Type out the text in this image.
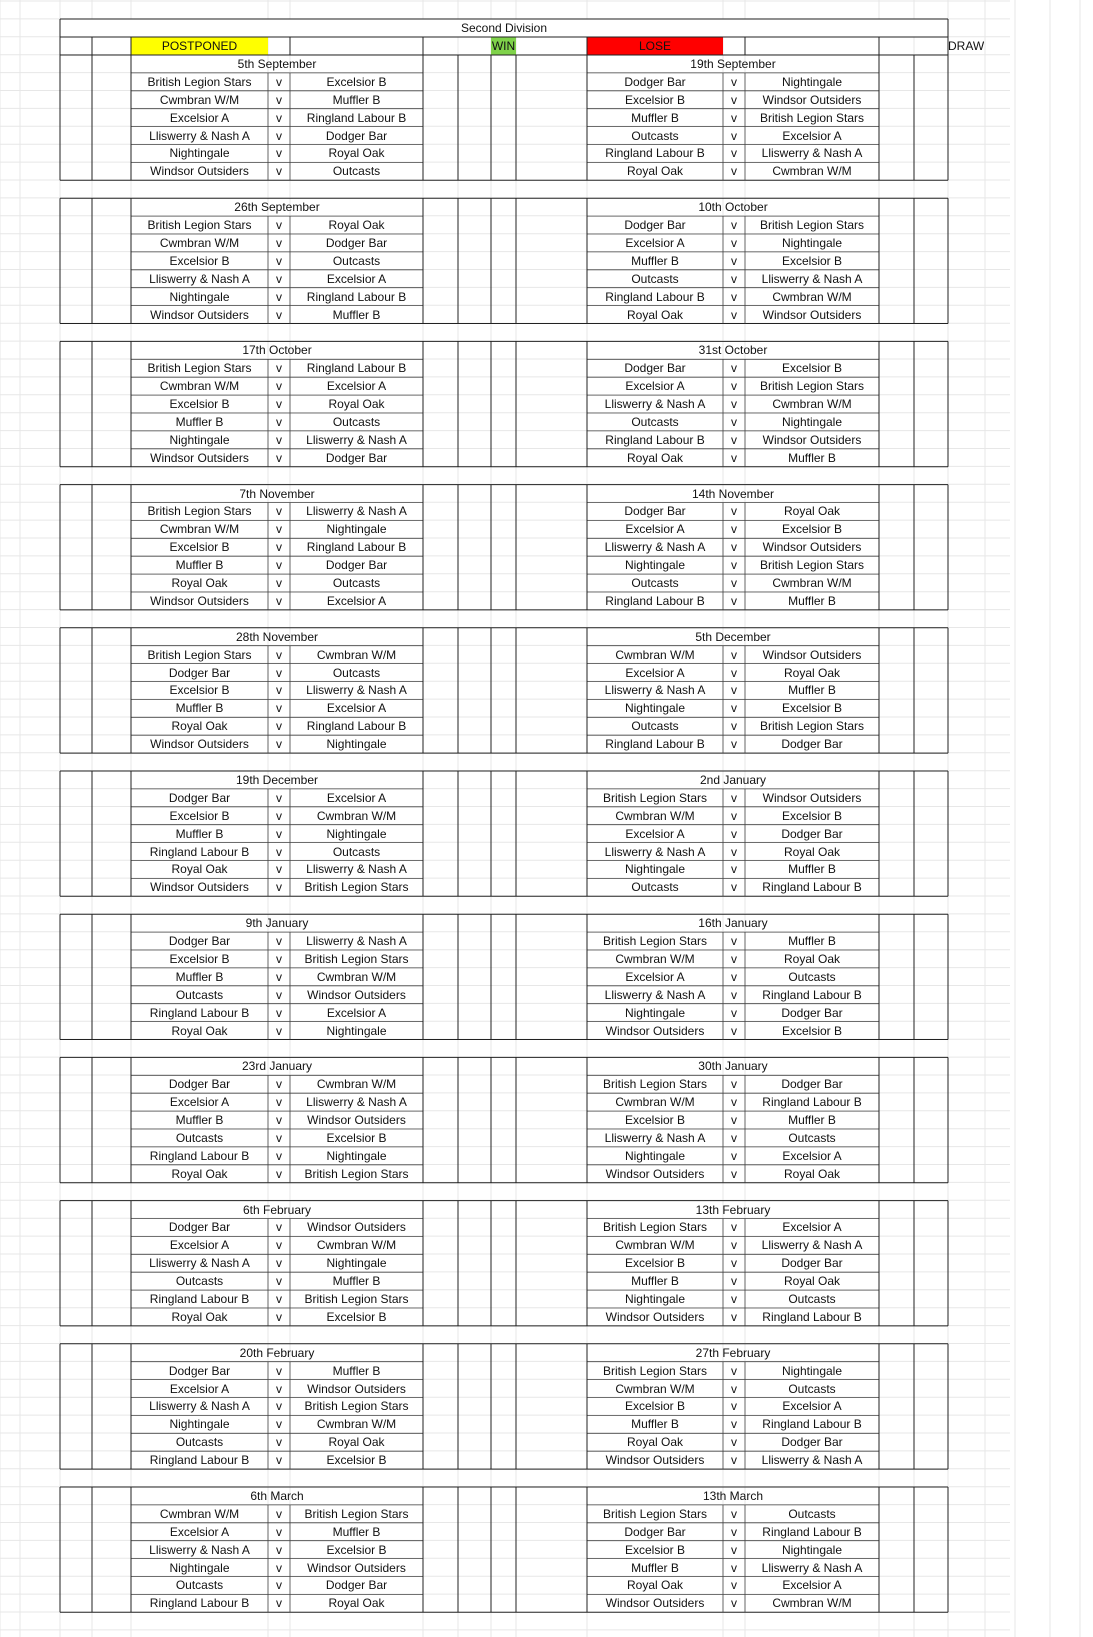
Second Division
POSTPONED	WIN	LOSE	DRAW
5th September
British Legion Stars	v	Excelsior B
Cwmbran W/M	v	Muffler B
Excelsior A	v	Ringland Labour B
Lliswerry & Nash A	v	Dodger Bar
Nightingale	v	Royal Oak
Windsor Outsiders	v	Outcasts
19th September
Dodger Bar	v	Nightingale
Excelsior B	v	Windsor Outsiders
Muffler B	v	British Legion Stars
Outcasts	v	Excelsior A
Ringland Labour B	v	Lliswerry & Nash A
Royal Oak	v	Cwmbran W/M
26th September
British Legion Stars	v	Royal Oak
Cwmbran W/M	v	Dodger Bar
Excelsior B	v	Outcasts
Lliswerry & Nash A	v	Excelsior A
Nightingale	v	Ringland Labour B
Windsor Outsiders	v	Muffler B
10th October
Dodger Bar	v	British Legion Stars
Excelsior A	v	Nightingale
Muffler B	v	Excelsior B
Outcasts	v	Lliswerry & Nash A
Ringland Labour B	v	Cwmbran W/M
Royal Oak	v	Windsor Outsiders
17th October
British Legion Stars	v	Ringland Labour B
Cwmbran W/M	v	Excelsior A
Excelsior B	v	Royal Oak
Muffler B	v	Outcasts
Nightingale	v	Lliswerry & Nash A
Windsor Outsiders	v	Dodger Bar
31st October
Dodger Bar	v	Excelsior B
Excelsior A	v	British Legion Stars
Lliswerry & Nash A	v	Cwmbran W/M
Outcasts	v	Nightingale
Ringland Labour B	v	Windsor Outsiders
Royal Oak	v	Muffler B
7th November
British Legion Stars	v	Lliswerry & Nash A
Cwmbran W/M	v	Nightingale
Excelsior B	v	Ringland Labour B
Muffler B	v	Dodger Bar
Royal Oak	v	Outcasts
Windsor Outsiders	v	Excelsior A
14th November
Dodger Bar	v	Royal Oak
Excelsior A	v	Excelsior B
Lliswerry & Nash A	v	Windsor Outsiders
Nightingale	v	British Legion Stars
Outcasts	v	Cwmbran W/M
Ringland Labour B	v	Muffler B
28th November
British Legion Stars	v	Cwmbran W/M
Dodger Bar	v	Outcasts
Excelsior B	v	Lliswerry & Nash A
Muffler B	v	Excelsior A
Royal Oak	v	Ringland Labour B
Windsor Outsiders	v	Nightingale
5th December
Cwmbran W/M	v	Windsor Outsiders
Excelsior A	v	Royal Oak
Lliswerry & Nash A	v	Muffler B
Nightingale	v	Excelsior B
Outcasts	v	British Legion Stars
Ringland Labour B	v	Dodger Bar
19th December
Dodger Bar	v	Excelsior A
Excelsior B	v	Cwmbran W/M
Muffler B	v	Nightingale
Ringland Labour B	v	Outcasts
Royal Oak	v	Lliswerry & Nash A
Windsor Outsiders	v	British Legion Stars
2nd January
British Legion Stars	v	Windsor Outsiders
Cwmbran W/M	v	Excelsior B
Excelsior A	v	Dodger Bar
Lliswerry & Nash A	v	Royal Oak
Nightingale	v	Muffler B
Outcasts	v	Ringland Labour B
9th January
Dodger Bar	v	Lliswerry & Nash A
Excelsior B	v	British Legion Stars
Muffler B	v	Cwmbran W/M
Outcasts	v	Windsor Outsiders
Ringland Labour B	v	Excelsior A
Royal Oak	v	Nightingale
16th January
British Legion Stars	v	Muffler B
Cwmbran W/M	v	Royal Oak
Excelsior A	v	Outcasts
Lliswerry & Nash A	v	Ringland Labour B
Nightingale	v	Dodger Bar
Windsor Outsiders	v	Excelsior B
23rd January
Dodger Bar	v	Cwmbran W/M
Excelsior A	v	Lliswerry & Nash A
Muffler B	v	Windsor Outsiders
Outcasts	v	Excelsior B
Ringland Labour B	v	Nightingale
Royal Oak	v	British Legion Stars
30th January
British Legion Stars	v	Dodger Bar
Cwmbran W/M	v	Ringland Labour B
Excelsior B	v	Muffler B
Lliswerry & Nash A	v	Outcasts
Nightingale	v	Excelsior A
Windsor Outsiders	v	Royal Oak
6th February
Dodger Bar	v	Windsor Outsiders
Excelsior A	v	Cwmbran W/M
Lliswerry & Nash A	v	Nightingale
Outcasts	v	Muffler B
Ringland Labour B	v	British Legion Stars
Royal Oak	v	Excelsior B
13th February
British Legion Stars	v	Excelsior A
Cwmbran W/M	v	Lliswerry & Nash A
Excelsior B	v	Dodger Bar
Muffler B	v	Royal Oak
Nightingale	v	Outcasts
Windsor Outsiders	v	Ringland Labour B
20th February
Dodger Bar	v	Muffler B
Excelsior A	v	Windsor Outsiders
Lliswerry & Nash A	v	British Legion Stars
Nightingale	v	Cwmbran W/M
Outcasts	v	Royal Oak
Ringland Labour B	v	Excelsior B
27th February
British Legion Stars	v	Nightingale
Cwmbran W/M	v	Outcasts
Excelsior B	v	Excelsior A
Muffler B	v	Ringland Labour B
Royal Oak	v	Dodger Bar
Windsor Outsiders	v	Lliswerry & Nash A
6th March
Cwmbran W/M	v	British Legion Stars
Excelsior A	v	Muffler B
Lliswerry & Nash A	v	Excelsior B
Nightingale	v	Windsor Outsiders
Outcasts	v	Dodger Bar
Ringland Labour B	v	Royal Oak
13th March
British Legion Stars	v	Outcasts
Dodger Bar	v	Ringland Labour B
Excelsior B	v	Nightingale
Muffler B	v	Lliswerry & Nash A
Royal Oak	v	Excelsior A
Windsor Outsiders	v	Cwmbran W/M
